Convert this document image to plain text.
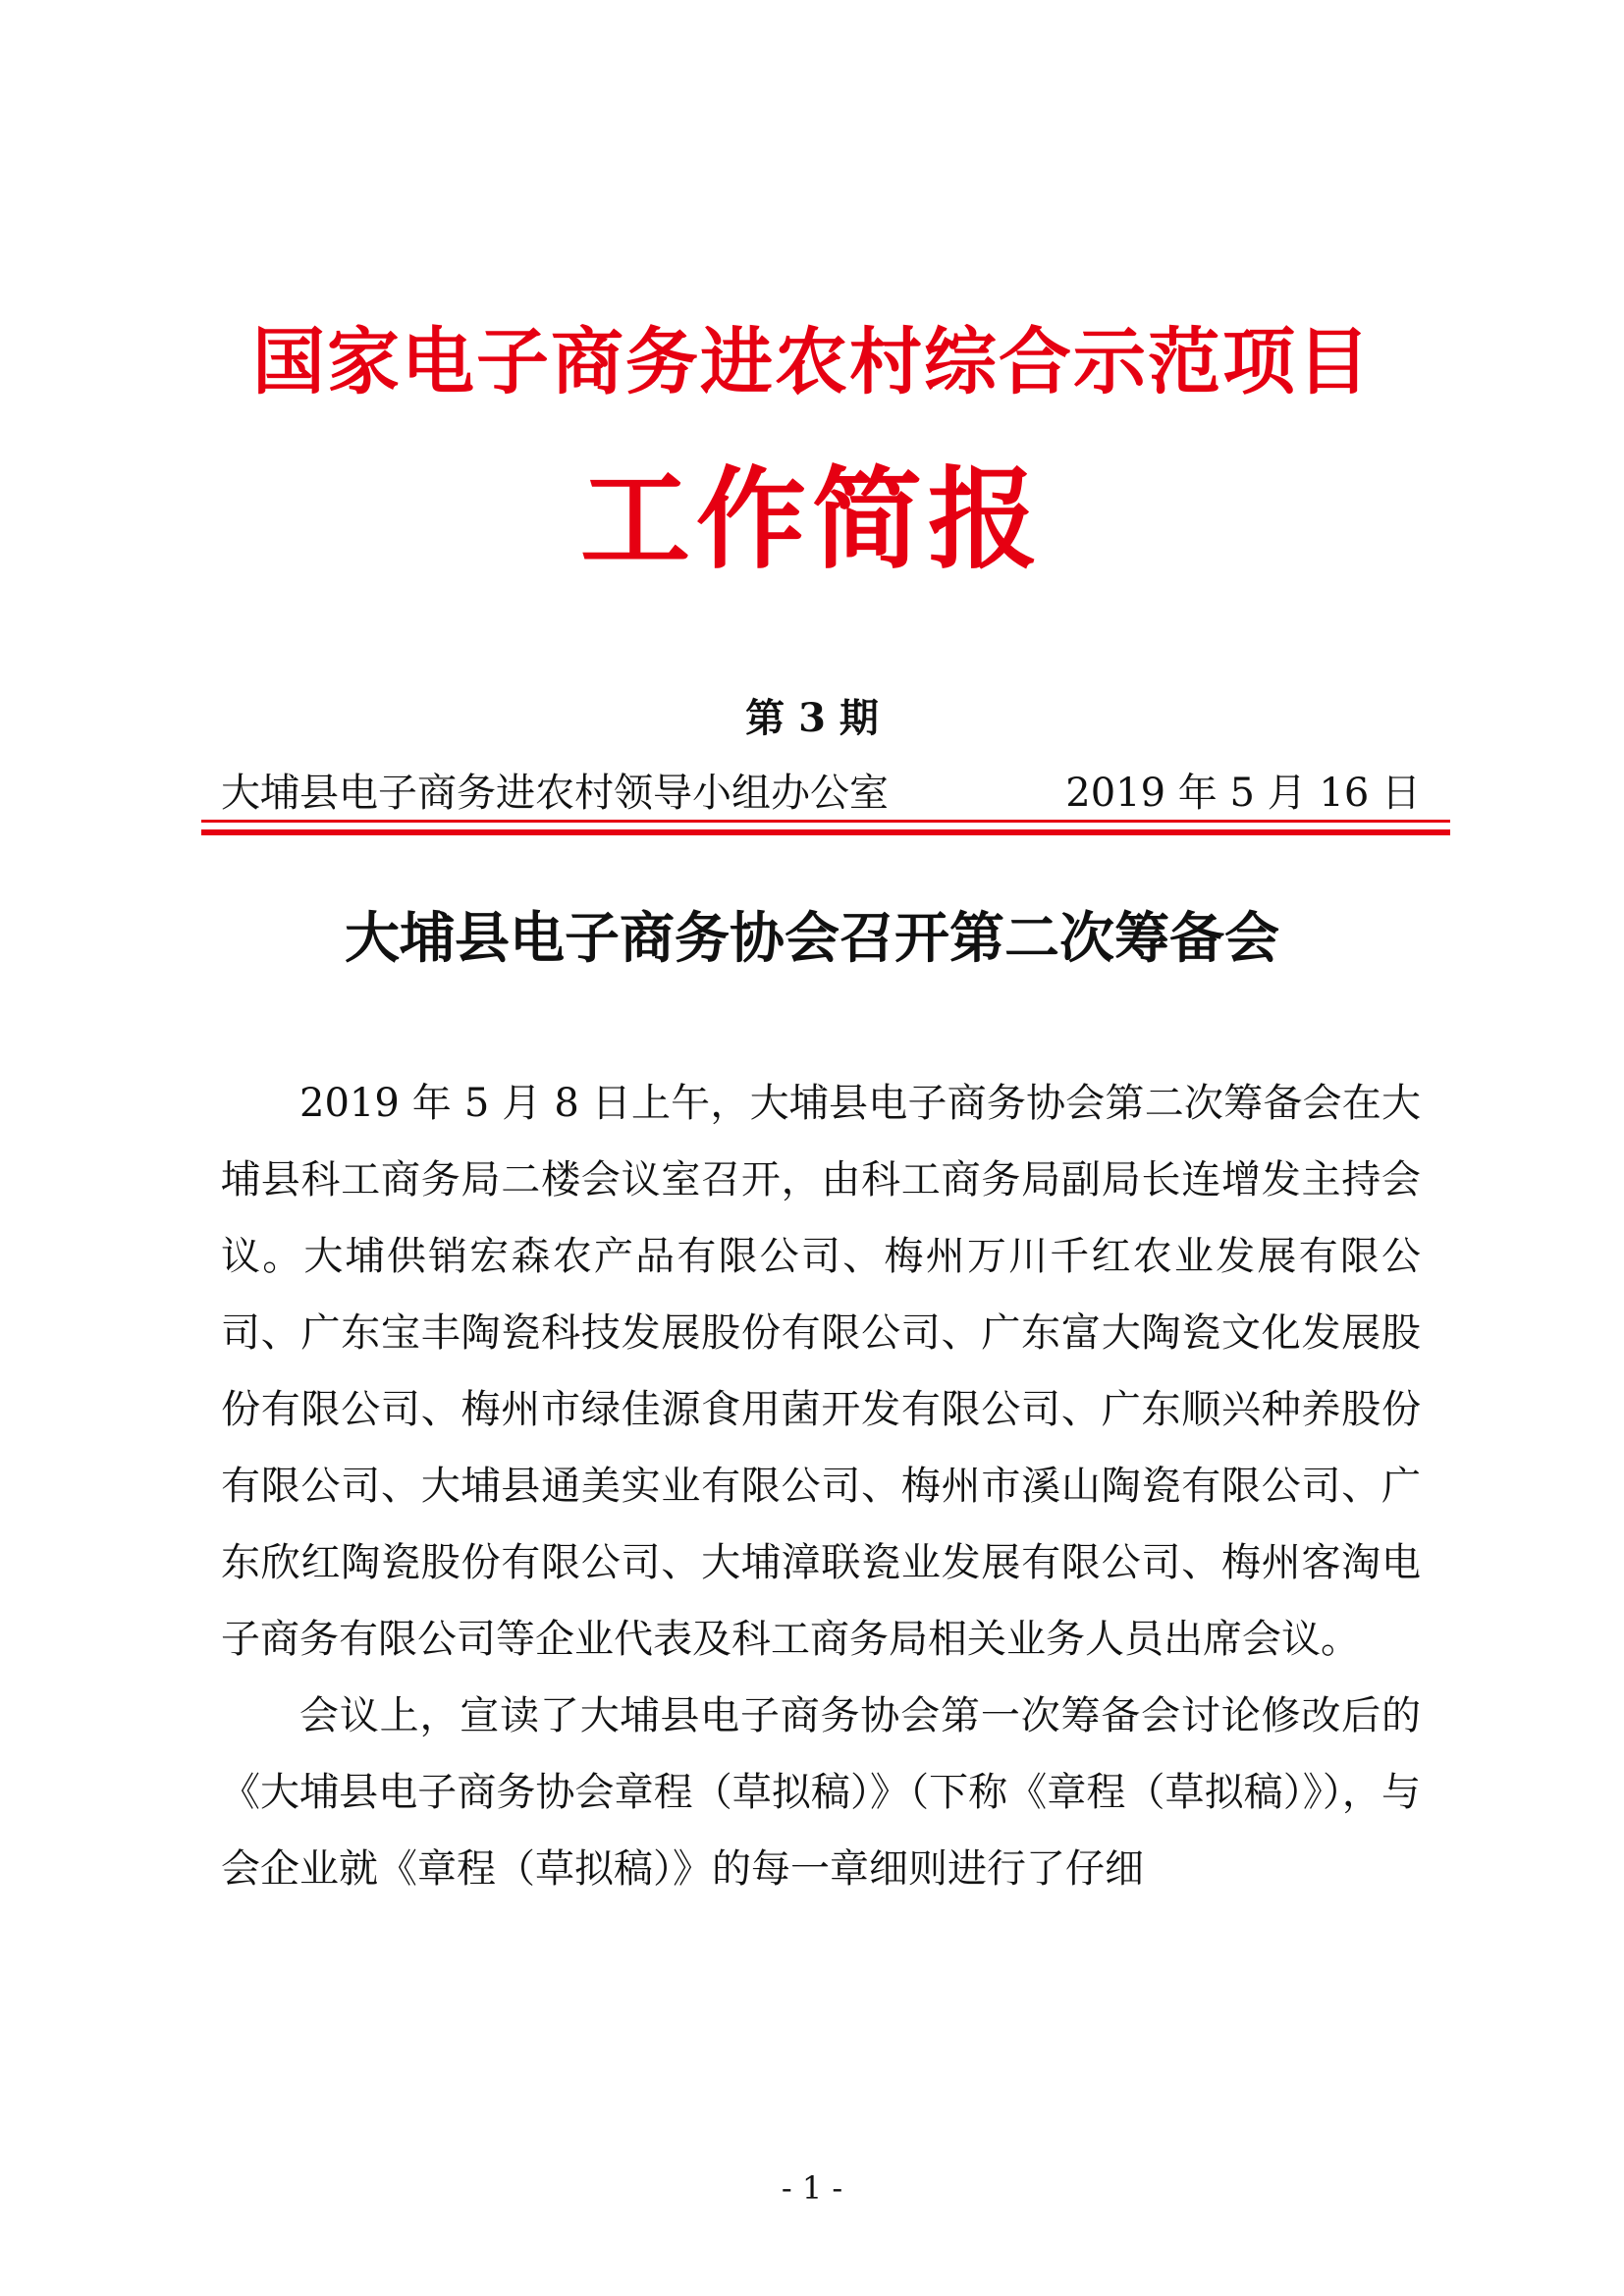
国家电子商务进农村综合示范项目
工作简报
第 3 期
大埔县电子商务进农村领导小组办公室	2019 年 5 月 16 日
大埔县电子商务协会召开第二次筹备会

2019 年 5 月 8 日上午，大埔县电子商务协会第二次筹备会在大埔县科工商务局二楼会议室召开，由科工商务局副局长连增发主持会议。大埔供销宏森农产品有限公司、梅州万川千红农业发展有限公司、广东宝丰陶瓷科技发展股份有限公司、广东富大陶瓷文化发展股份有限公司、梅州市绿佳源食用菌开发有限公司、广东顺兴种养股份有限公司、大埔县通美实业有限公司、梅州市溪山陶瓷有限公司、广东欣红陶瓷股份有限公司、大埔漳联瓷业发展有限公司、梅州客淘电子商务有限公司等企业代表及科工商务局相关业务人员出席会议。

会议上，宣读了大埔县电子商务协会第一次筹备会讨论修改后的《大埔县电子商务协会章程（草拟稿）》（下称《章程（草拟稿）》），与会企业就《章程（草拟稿）》的每一章细则进行了仔细

- 1 -
